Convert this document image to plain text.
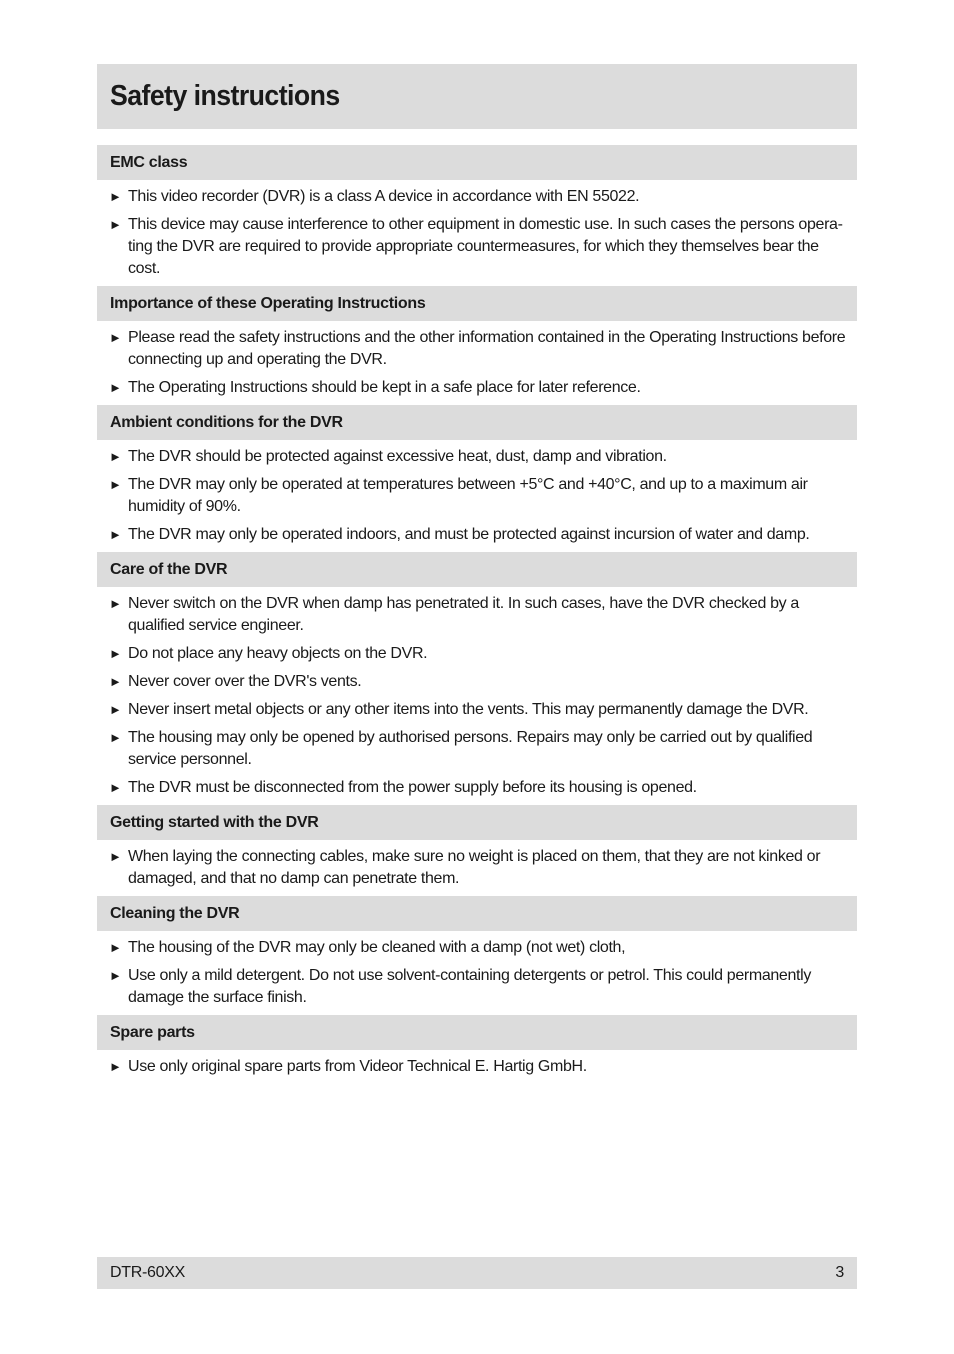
Safety instructions
EMC class
► This video recorder (DVR) is a class A device in accordance with EN 55022.
► This device may cause interference to other equipment in domestic use. In such cases the persons opera-ting the DVR are required to provide appropriate countermeasures, for which they themselves bear the cost.
Importance of these Operating Instructions
► Please read the safety instructions and the other information contained in the Operating Instructions before connecting up and operating the DVR.
► The Operating Instructions should be kept in a safe place for later reference.
Ambient conditions for the DVR
► The DVR should be protected against excessive heat, dust, damp and vibration.
► The DVR may only be operated at temperatures between +5°C and +40°C, and up to a maximum air humidity of 90%.
► The DVR may only be operated indoors, and must be protected against incursion of water and damp.
Care of the DVR
► Never switch on the DVR when damp has penetrated it. In such cases, have the DVR checked by a qualified service engineer.
► Do not place any heavy objects on the DVR.
► Never cover over the DVR's vents.
► Never insert metal objects or any other items into the vents. This may permanently damage the DVR.
► The housing may only be opened by authorised persons. Repairs may only be carried out by qualified service personnel.
► The DVR must be disconnected from the power supply before its housing is opened.
Getting started with the DVR
► When laying the connecting cables, make sure no weight is placed on them, that they are not kinked or damaged, and that no damp can penetrate them.
Cleaning the DVR
► The housing of the DVR may only be cleaned with a damp (not wet) cloth,
► Use only a mild detergent. Do not use solvent-containing detergents or petrol. This could permanently damage the surface finish.
Spare parts
► Use only original spare parts from Videor Technical E. Hartig GmbH.
DTR-60XX	3
